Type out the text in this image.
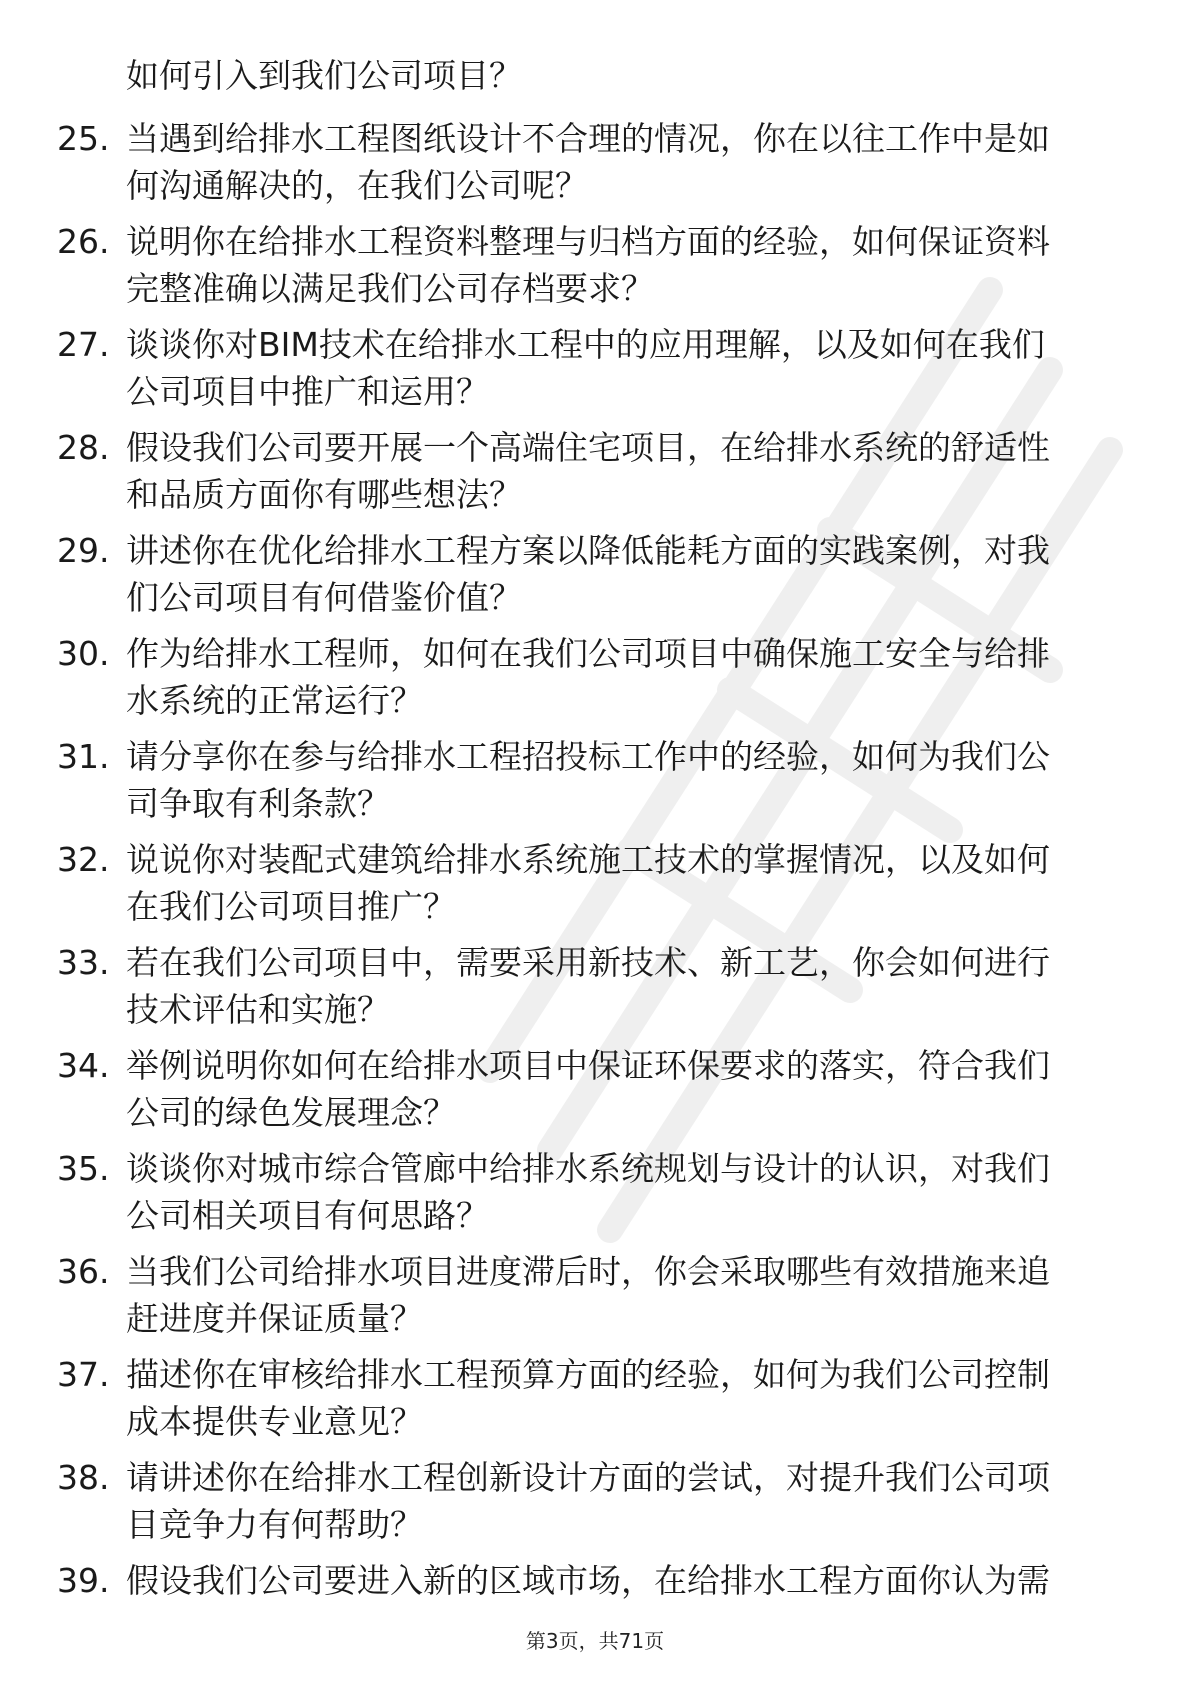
如何引入到我们公司项目？
25. 当遇到给排水工程图纸设计不合理的情况，你在以往工作中是如
何沟通解决的，在我们公司呢？
26. 说明你在给排水工程资料整理与归档方面的经验，如何保证资料
完整准确以满足我们公司存档要求？
27. 谈谈你对BIM技术在给排水工程中的应用理解，以及如何在我们
公司项目中推广和运用？
28. 假设我们公司要开展一个高端住宅项目，在给排水系统的舒适性
和品质方面你有哪些想法？
29. 讲述你在优化给排水工程方案以降低能耗方面的实践案例，对我
们公司项目有何借鉴价值？
30. 作为给排水工程师，如何在我们公司项目中确保施工安全与给排
水系统的正常运行？
31. 请分享你在参与给排水工程招投标工作中的经验，如何为我们公
司争取有利条款？
32. 说说你对装配式建筑给排水系统施工技术的掌握情况，以及如何
在我们公司项目推广？
33. 若在我们公司项目中，需要采用新技术、新工艺，你会如何进行
技术评估和实施？
34. 举例说明你如何在给排水项目中保证环保要求的落实，符合我们
公司的绿色发展理念？
35. 谈谈你对城市综合管廊中给排水系统规划与设计的认识，对我们
公司相关项目有何思路？
36. 当我们公司给排水项目进度滞后时，你会采取哪些有效措施来追
赶进度并保证质量？
37. 描述你在审核给排水工程预算方面的经验，如何为我们公司控制
成本提供专业意见？
38. 请讲述你在给排水工程创新设计方面的尝试，对提升我们公司项
目竞争力有何帮助？
39. 假设我们公司要进入新的区域市场，在给排水工程方面你认为需
第3页，共71页
